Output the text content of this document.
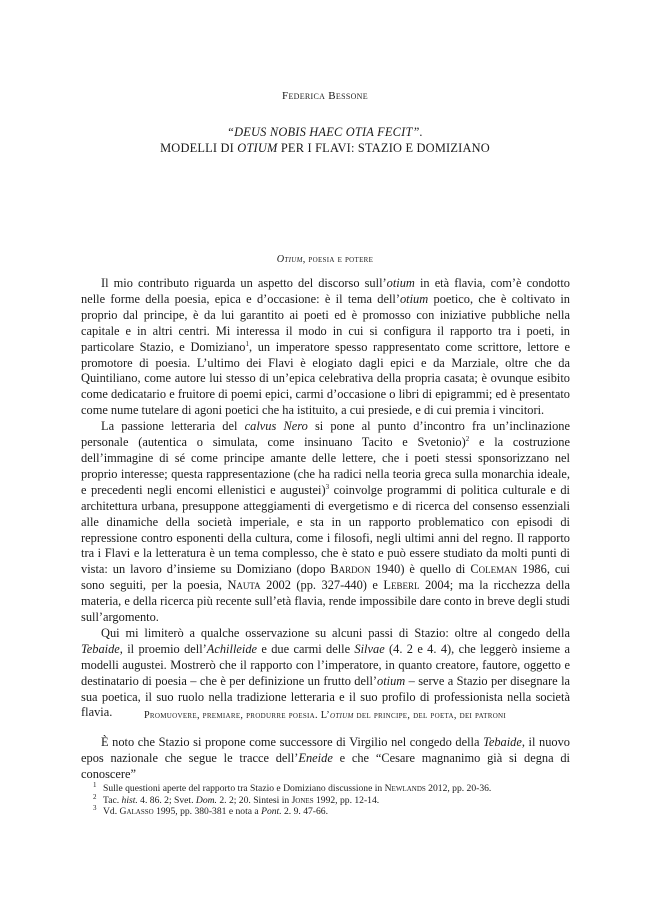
Federica Bessone
“DEUS NOBIS HAEC OTIA FECIT”.
MODELLI DI OTIUM PER I FLAVI: STAZIO E DOMIZIANO
Otium, poesia e potere

Il mio contributo riguarda un aspetto del discorso sull’otium in età flavia, com’è condotto nelle forme della poesia, epica e d’occasione: è il tema dell’otium poetico, che è coltivato in proprio dal principe, è da lui garantito ai poeti ed è promosso con iniziative pubbliche nella capitale e in altri centri. Mi interessa il modo in cui si configura il rapporto tra i poeti, in particolare Stazio, e Domiziano$^1$, un imperatore spesso rappresentato come scrittore, lettore e promotore di poesia. L’ultimo dei Flavi è elogiato dagli epici e da Marziale, oltre che da Quintiliano, come autore lui stesso di un’epica celebrativa della propria casata; è ovunque esibito come dedicatario e fruitore di poemi epici, carmi d’occasione o libri di epigrammi; ed è presentato come nume tutelare di agoni poetici che ha istituito, a cui presiede, e di cui premia i vincitori.

La passione letteraria del calvus Nero si pone al punto d’incontro fra un’inclinazione personale (autentica o simulata, come insinuano Tacito e Svetonio)$^2$ e la costruzione dell’immagine di sé come principe amante delle lettere, che i poeti stessi sponsorizzano nel proprio interesse; questa rappresentazione (che ha radici nella teoria greca sulla monarchia ideale, e precedenti negli encomi ellenistici e augustei)$^3$ coinvolge programmi di politica culturale e di architettura urbana, presuppone atteggiamenti di evergetismo e di ricerca del consenso essenziali alle dinamiche della società imperiale, e sta in un rapporto problematico con episodi di repressione contro esponenti della cultura, come i filosofi, negli ultimi anni del regno. Il rapporto tra i Flavi e la letteratura è un tema complesso, che è stato e può essere studiato da molti punti di vista: un lavoro d’insieme su Domiziano (dopo Bardon 1940) è quello di Coleman 1986, cui sono seguiti, per la poesia, Nauta 2002 (pp. 327-440) e Leberl 2004; ma la ricchezza della materia, e della ricerca più recente sull’età flavia, rende impossibile dare conto in breve degli studi sull’argomento.

Qui mi limiterò a qualche osservazione su alcuni passi di Stazio: oltre al congedo della Tebaide, il proemio dell’Achilleide e due carmi delle Silvae (4. 2 e 4. 4), che leggerò insieme a modelli augustei. Mostrerò che il rapporto con l’imperatore, in quanto creatore, fautore, oggetto e destinatario di poesia – che è per definizione un frutto dell’otium – serve a Stazio per disegnare la sua poetica, il suo ruolo nella tradizione letteraria e il suo profilo di professionista nella società flavia.	Promuovere, premiare, produrre poesia. L’otium del principe, del poeta, dei patroni

È noto che Stazio si propone come successore di Virgilio nel congedo della Tebaide, il nuovo epos nazionale che segue le tracce dell’Eneide e che “Cesare magnanimo già si degna di conoscere”

1 Sulle questioni aperte del rapporto tra Stazio e Domiziano discussione in Newlands 2012, pp. 20-36.
2 Tac. hist. 4. 86. 2; Svet. Dom. 2. 2; 20. Sintesi in Jones 1992, pp. 12-14.
3 Vd. Galasso 1995, pp. 380-381 e nota a Pont. 2. 9. 47-66.
